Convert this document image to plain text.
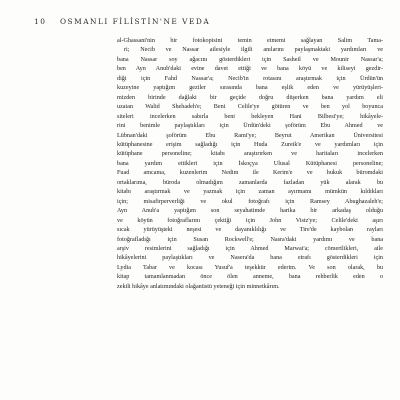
10 OSMANLI FİLİSTİN'NE VEDA
al-Ghassani'nin bir fotokopisini temin etmemi sağlayan Salim Tama-
ri; Necib ve Nassar ailesiyle ilgili anılarını paylaşmaktaki yardımları ve
bana Nassar soy ağacını gösterdikleri için Sasheil ve Mounir Nassar'a;
ben Ayn Anub'daki evine davet ettiği ve bana köyü ve kiliseyi gezdir-
diği için Fahd Nassar'a; Necib'in rotasını araştırmak için Ürdün'ün
kuzeyine yaptığım geziler sırasında bana eşlik eden ve yürüyüşleri-
mizden birinde dağlaki bir geçide doğru düşerken bana yardım eli
uzatan Walid Shehadeh'e; Beni Celile'ye götüren ve ben yol boyunca
siteleri incelerken sabırla beni bekleyen Hani Bilbesi'ye; hikâyele-
rini benimle paylaştıkları için Ürdün'deki şoförüm Ebu Ahmed ve
Lübnan'daki şoförüm Ebu Rami'ye; Beyrut Amerikan Üniversitesi
kütüphanesine erişim sağladığı için Huda Zureik'e ve yardımları için
kütüphane personeline; kitabı araştırırken ve haritaları incelerken
bana yardım ettikleri için İskoçya Ulusal Kütüphanesi personeline;
Fuad amcama, kuzenlerim Nedim ile Kerim'e ve hukuk büromdaki
ortaklarıma, büroda olmadığım zamanlarda fazladan yük alarak bu
kitabı araştırmak ve yazmak için zaman ayırmamı mümkün kıldıkları
için; misafirperverliği ve okul fotoğrafı için Ramsey Abughazaleh'e;
Ayn Anub'a yaptığım son seyahatimde harika bir arkadaş olduğu
ve köyün fotoğraflarını çektiği için John Vistz'ye; Celile'deki aşırı
sıcak yürüyüşteki neşesi ve dayanıklılığı ve Tire'de kaybolan rayları
fotoğrafladığı için Susan Rockwell'e; Nasra'daki yardımı ve bana
arşiv resimlerini sağladığı için Ahmed Marwat'a; cömertlikleri, aile
hikâyelerini paylaştıkları ve Nasera'da bana etrafı gösterdikleri için
Lydia Tabar ve kocası Yusuf'a teşekkür ederim. Ve son olarak, bu
kitap tamamlanmadan önce ölen anneme, bana rehberlik eden o
zekili hikâye anlatımındaki olağanüstü yeteneği için minnetkârım.
